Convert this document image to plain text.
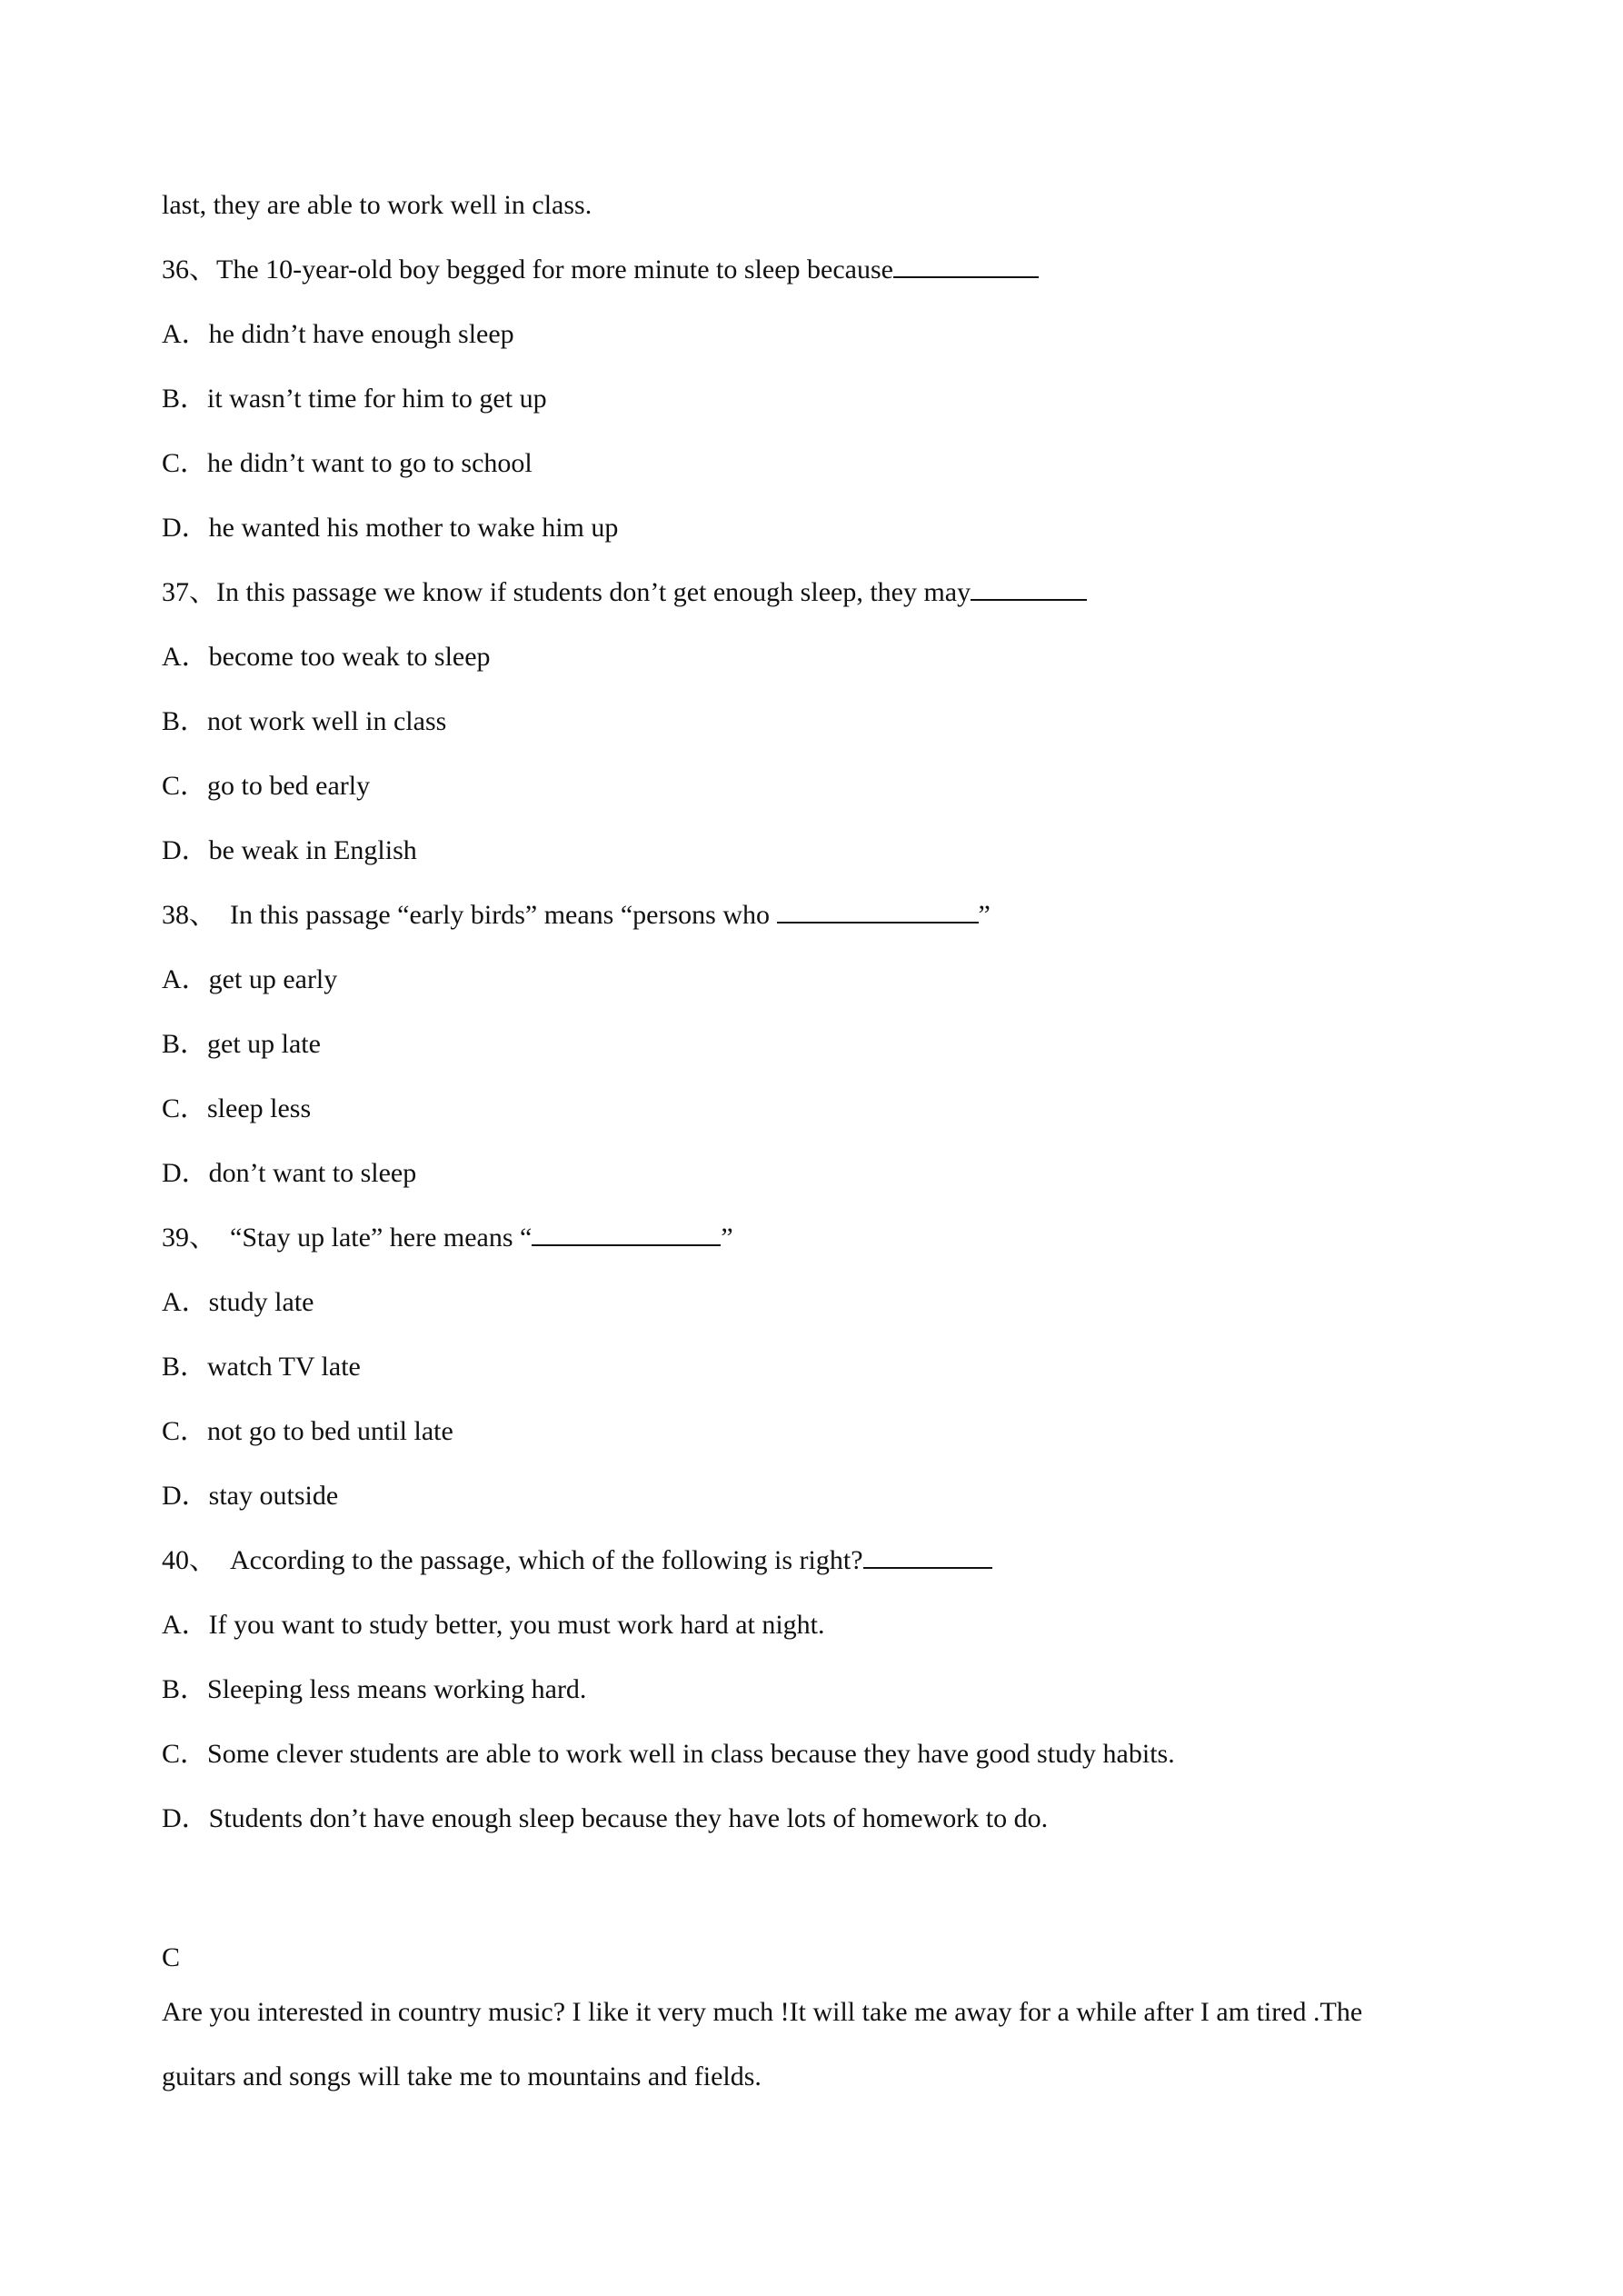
last, they are able to work well in class.
36、The 10-year-old boy begged for more minute to sleep because
A．he didn’t have enough sleep
B．it wasn’t time for him to get up
C．he didn’t want to go to school
D．he wanted his mother to wake him up
37、In this passage we know if students don’t get enough sleep, they may
A．become too weak to sleep
B．not work well in class
C．go to bed early
D．be weak in English
38、  In this passage “early birds” means “persons who	”
A．get up early
B．get up late
C．sleep less
D．don’t want to sleep
39、  “Stay up late” here means “	”
A．study late
B．watch TV late
C．not go to bed until late
D．stay outside
40、  According to the passage, which of the following is right?
A．If you want to study better, you must work hard at night.
B．Sleeping less means working hard.
C．Some clever students are able to work well in class because they have good study habits.
D．Students don’t have enough sleep because they have lots of homework to do.
C
Are you interested in country music? I like it very much !It will take me away for a while after I am tired .The
guitars and songs will take me to mountains and fields.
